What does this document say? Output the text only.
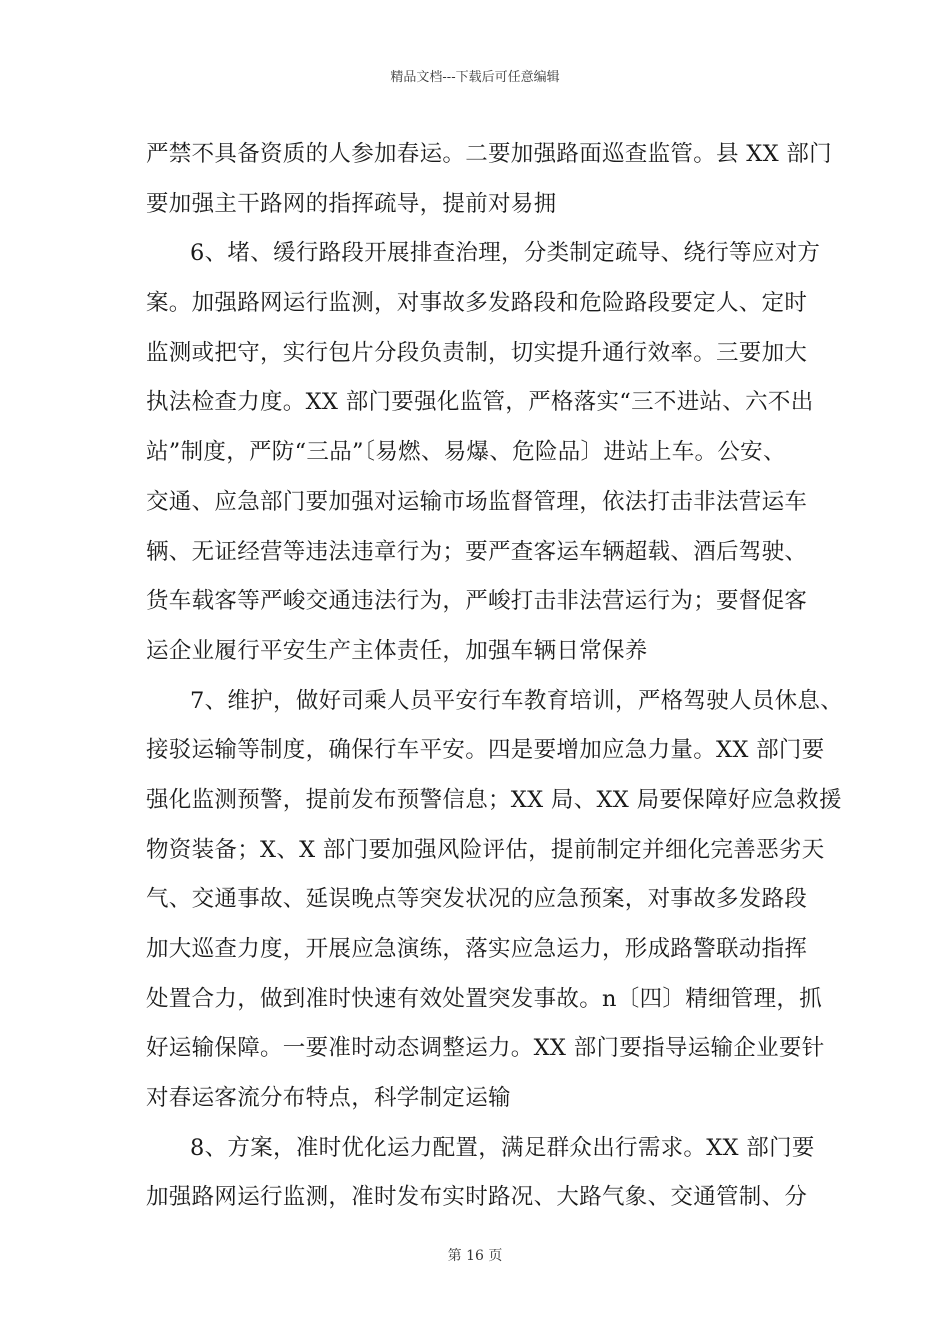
精品文档---下载后可任意编辑
严禁不具备资质的人参加春运。二要加强路面巡查监管。县 XX 部门
要加强主干路网的指挥疏导，提前对易拥
6、堵、缓行路段开展排查治理，分类制定疏导、绕行等应对方
案。加强路网运行监测，对事故多发路段和危险路段要定人、定时
监测或把守，实行包片分段负责制，切实提升通行效率。三要加大
执法检查力度。XX 部门要强化监管，严格落实“三不进站、六不出
站”制度，严防“三品”〔易燃、易爆、危险品〕进站上车。公安、
交通、应急部门要加强对运输市场监督管理，依法打击非法营运车
辆、无证经营等违法违章行为；要严查客运车辆超载、酒后驾驶、
货车载客等严峻交通违法行为，严峻打击非法营运行为；要督促客
运企业履行平安生产主体责任，加强车辆日常保养
7、维护，做好司乘人员平安行车教育培训，严格驾驶人员休息、
接驳运输等制度，确保行车平安。四是要增加应急力量。XX 部门要
强化监测预警，提前发布预警信息；XX 局、XX 局要保障好应急救援
物资装备；X、X 部门要加强风险评估，提前制定并细化完善恶劣天
气、交通事故、延误晚点等突发状况的应急预案，对事故多发路段
加大巡查力度，开展应急演练，落实应急运力，形成路警联动指挥
处置合力，做到准时快速有效处置突发事故。n〔四〕精细管理，抓
好运输保障。一要准时动态调整运力。XX 部门要指导运输企业要针
对春运客流分布特点，科学制定运输
8、方案，准时优化运力配置，满足群众出行需求。XX 部门要
加强路网运行监测，准时发布实时路况、大路气象、交通管制、分
第 16 页
